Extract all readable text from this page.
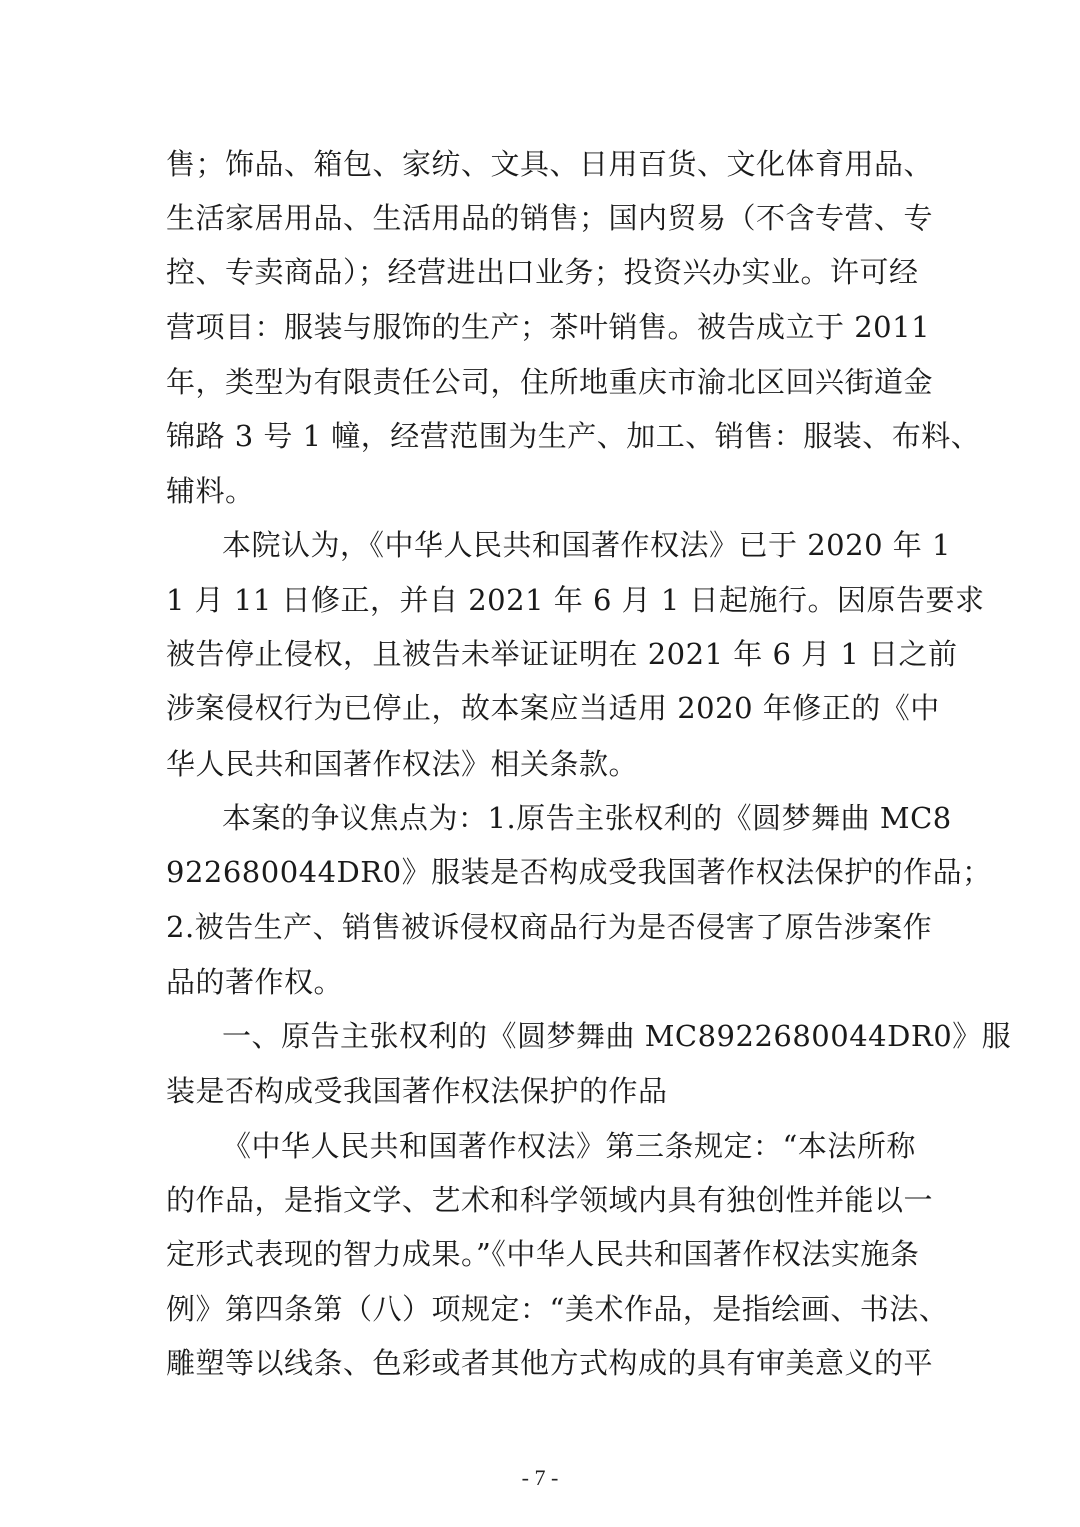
售；饰品、箱包、家纺、文具、日用百货、文化体育用品、
生活家居用品、生活用品的销售；国内贸易（不含专营、专
控、专卖商品）；经营进出口业务；投资兴办实业。许可经
营项目：服装与服饰的生产；茶叶销售。被告成立于 2011
年，类型为有限责任公司，住所地重庆市渝北区回兴街道金
锦路 3 号 1 幢，经营范围为生产、加工、销售：服装、布料、
辅料。
本院认为，《中华人民共和国著作权法》已于 2020 年 1
1 月 11 日修正，并自 2021 年 6 月 1 日起施行。因原告要求
被告停止侵权，且被告未举证证明在 2021 年 6 月 1 日之前
涉案侵权行为已停止，故本案应当适用 2020 年修正的《中
华人民共和国著作权法》相关条款。
本案的争议焦点为：1.原告主张权利的《圆梦舞曲 MC8
922680044DR0》服装是否构成受我国著作权法保护的作品；
2.被告生产、销售被诉侵权商品行为是否侵害了原告涉案作
品的著作权。
一、原告主张权利的《圆梦舞曲 MC8922680044DR0》服
装是否构成受我国著作权法保护的作品
《中华人民共和国著作权法》第三条规定：“本法所称
的作品，是指文学、艺术和科学领域内具有独创性并能以一
定形式表现的智力成果。”《中华人民共和国著作权法实施条
例》第四条第（八）项规定：“美术作品，是指绘画、书法、
雕塑等以线条、色彩或者其他方式构成的具有审美意义的平
- 7 -
